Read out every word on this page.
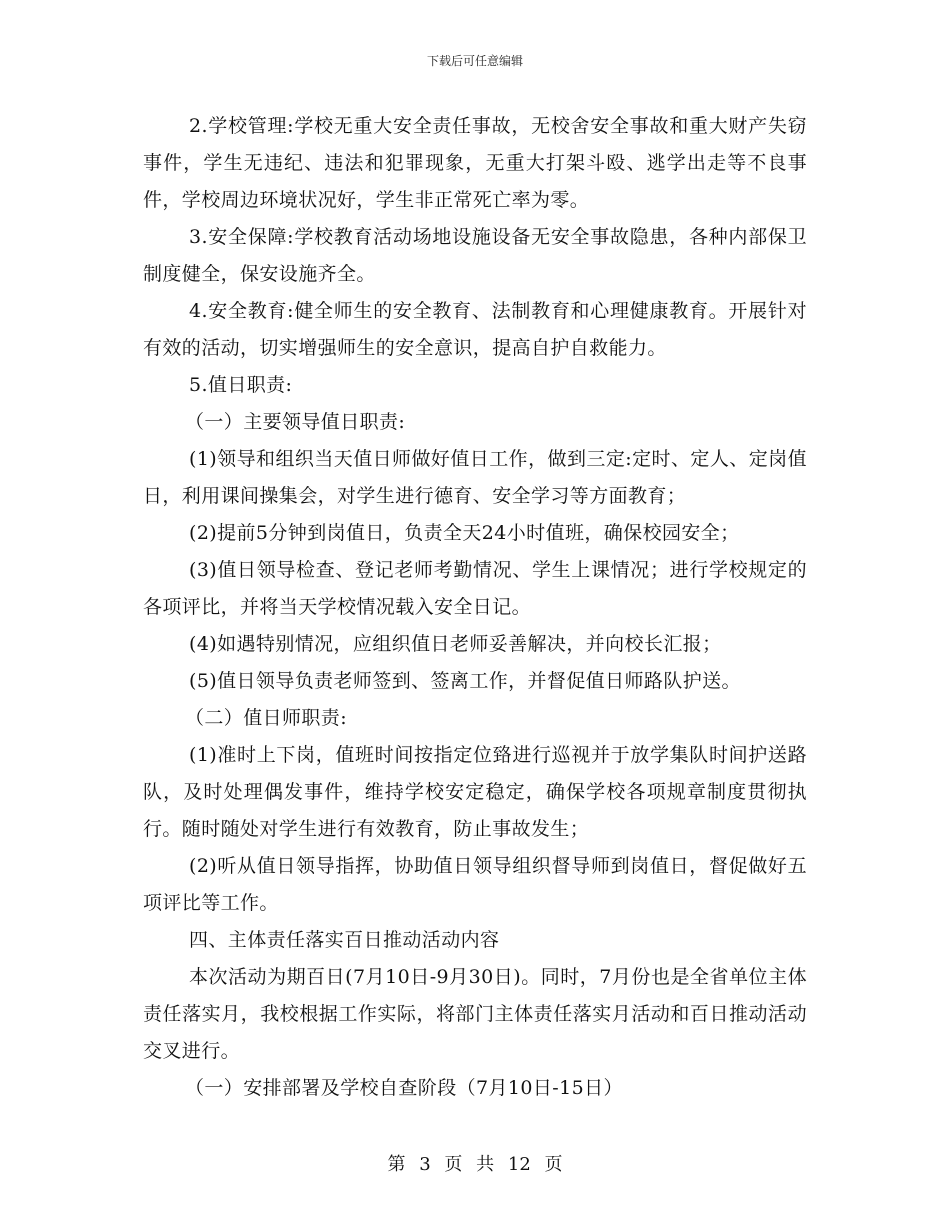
下载后可任意编辑

2.学校管理:学校无重大安全责任事故，无校舍安全事故和重大财产失窃事件，学生无违纪、违法和犯罪现象，无重大打架斗殴、逃学出走等不良事件，学校周边环境状况好，学生非正常死亡率为零。

3.安全保障:学校教育活动场地设施设备无安全事故隐患，各种内部保卫制度健全，保安设施齐全。

4.安全教育:健全师生的安全教育、法制教育和心理健康教育。开展针对有效的活动，切实增强师生的安全意识，提高自护自救能力。

5.值日职责:

（一）主要领导值日职责:

(1)领导和组织当天值日师做好值日工作，做到三定:定时、定人、定岗值日，利用课间操集会，对学生进行德育、安全学习等方面教育；

(2)提前5分钟到岗值日，负责全天24小时值班，确保校园安全；

(3)值日领导检查、登记老师考勤情况、学生上课情况；进行学校规定的各项评比，并将当天学校情况载入安全日记。

(4)如遇特别情况，应组织值日老师妥善解决，并向校长汇报；

(5)值日领导负责老师签到、签离工作，并督促值日师路队护送。

（二）值日师职责:

(1)准时上下岗，值班时间按指定位臵进行巡视并于放学集队时间护送路队，及时处理偶发事件，维持学校安定稳定，确保学校各项规章制度贯彻执行。随时随处对学生进行有效教育，防止事故发生；

(2)听从值日领导指挥，协助值日领导组织督导师到岗值日，督促做好五项评比等工作。

四、主体责任落实百日推动活动内容

本次活动为期百日(7月10日-9月30日)。同时，7月份也是全省单位主体责任落实月，我校根据工作实际，将部门主体责任落实月活动和百日推动活动交叉进行。

（一）安排部署及学校自查阶段（7月10日-15日）

第 3 页 共 12 页
